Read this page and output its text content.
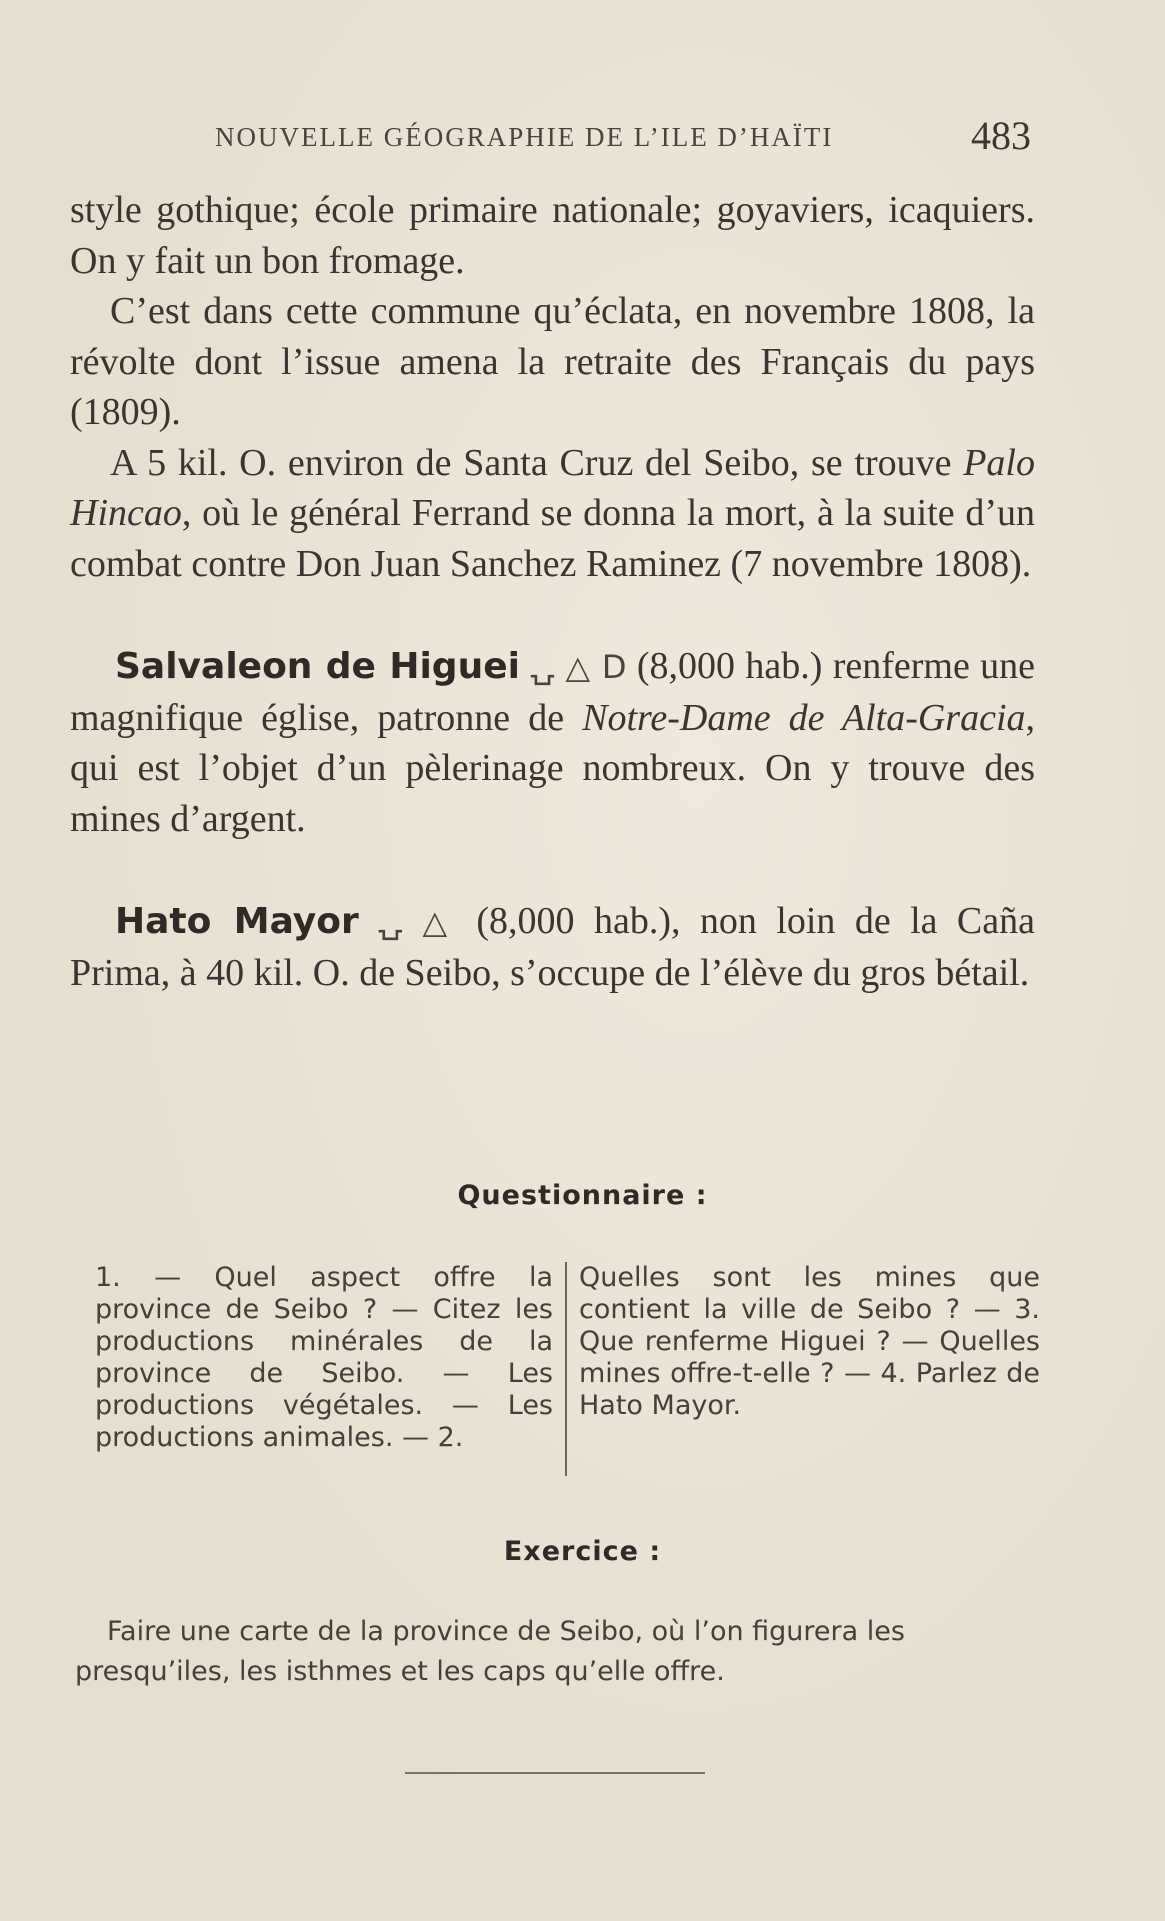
NOUVELLE GÉOGRAPHIE DE L’ILE D’HAÏTI	483

style gothique; école primaire nationale; goyaviers, icaquiers. On y fait un bon fromage.

C’est dans cette commune qu’éclata, en novembre 1808, la révolte dont l’issue amena la retraite des Français du pays (1809).

A 5 kil. O. environ de Santa Cruz del Seibo, se trouve Palo Hincao, où le général Ferrand se donna la mort, à la suite d’un combat contre Don Juan Sanchez Raminez (7 novembre 1808).

Salvaleon de Higuei ⍽ △ D (8,000 hab.) renferme une magnifique église, patronne de Notre-Dame de Alta-Gracia, qui est l’objet d’un pèlerinage nombreux. On y trouve des mines d’argent.

Hato Mayor ⍽ △ (8,000 hab.), non loin de la Caña Prima, à 40 kil. O. de Seibo, s’occupe de l’élève du gros bétail.

Questionnaire :
1. — Quel aspect offre la province de Seibo ? — Citez les productions minérales de la province de Seibo. — Les productions végétales. — Les productions animales. — 2.
Quelles sont les mines que contient la ville de Seibo ? — 3. Que renferme Higuei ? — Quelles mines offre-t-elle ? — 4. Parlez de Hato Mayor.
Exercice :
Faire une carte de la province de Seibo, où l’on figurera les presqu’iles, les isthmes et les caps qu’elle offre.
